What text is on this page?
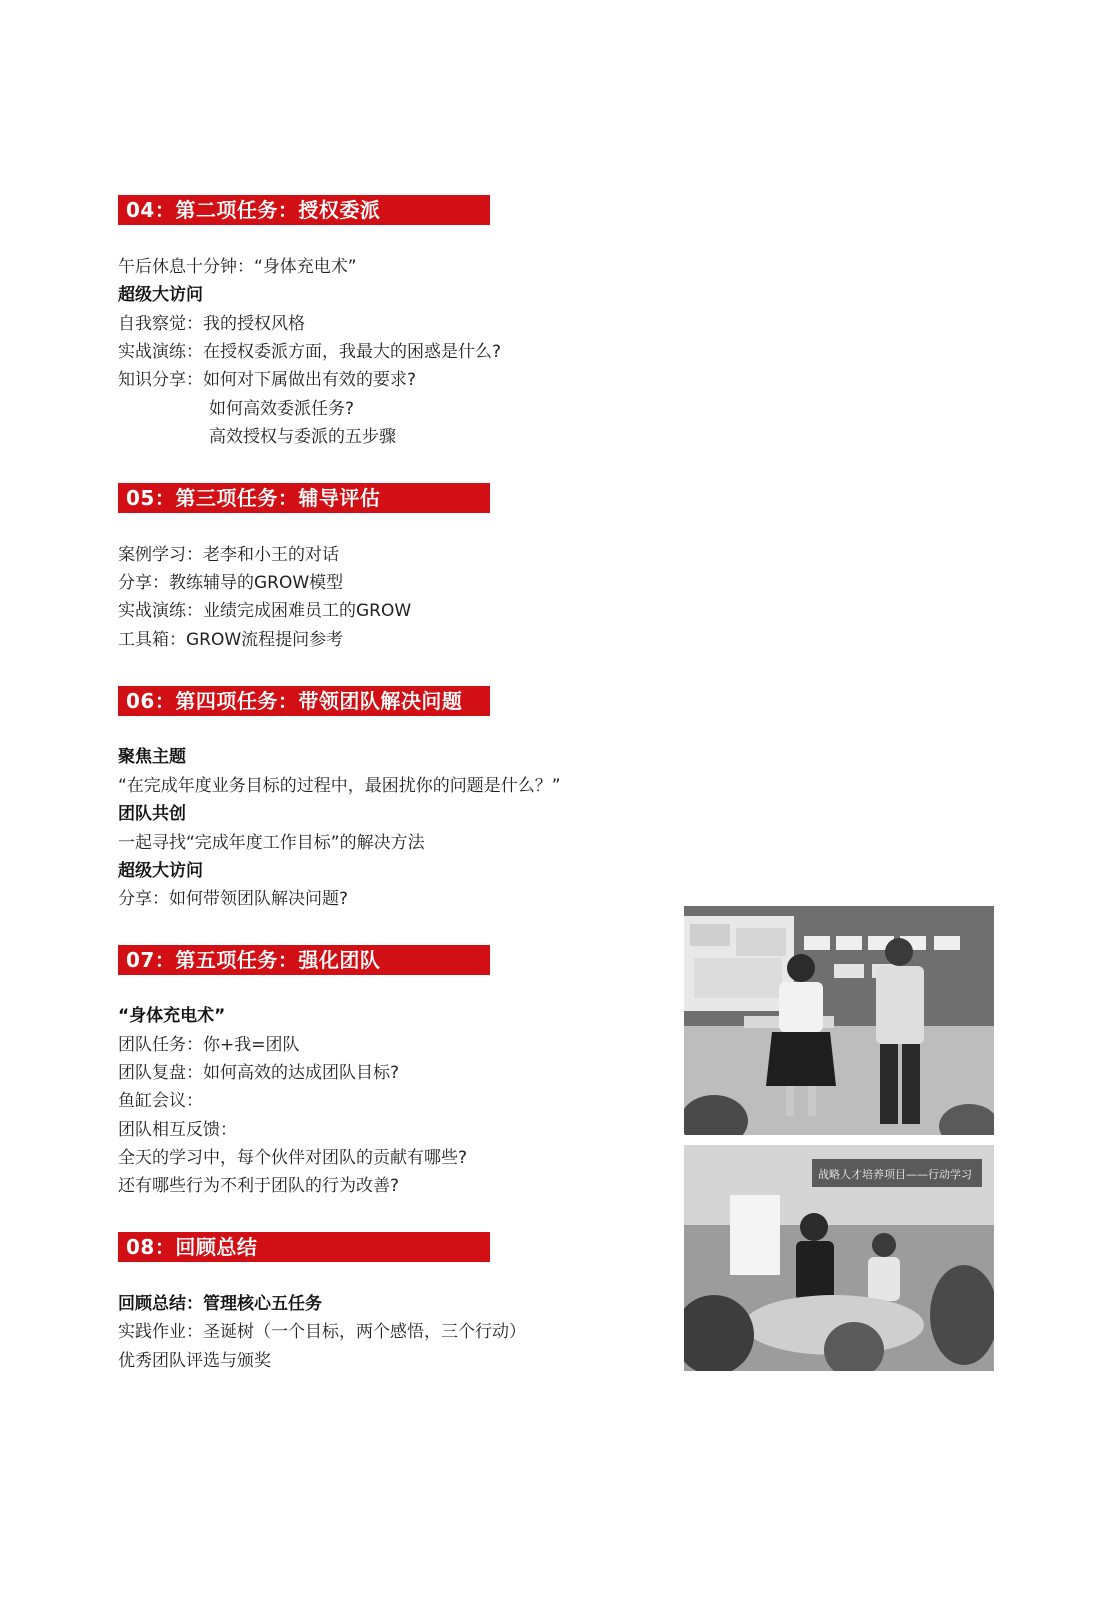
04：第二项任务：授权委派
午后休息十分钟：“身体充电术”
超级大访问
自我察觉：我的授权风格
实战演练：在授权委派方面，我最大的困惑是什么?
知识分享：如何对下属做出有效的要求?
如何高效委派任务?
高效授权与委派的五步骤
05：第三项任务：辅导评估
案例学习：老李和小王的对话
分享：教练辅导的GROW模型
实战演练：业绩完成困难员工的GROW
工具箱：GROW流程提问参考
06：第四项任务：带领团队解决问题
聚焦主题
“在完成年度业务目标的过程中，最困扰你的问题是什么？”
团队共创
一起寻找“完成年度工作目标”的解决方法
超级大访问
分享：如何带领团队解决问题?
07：第五项任务：强化团队
“身体充电术”
团队任务：你+我=团队
团队复盘：如何高效的达成团队目标?
鱼缸会议：
团队相互反馈：
全天的学习中，每个伙伴对团队的贡献有哪些?
还有哪些行为不利于团队的行为改善?
08：回顾总结
回顾总结：管理核心五任务
实践作业：圣诞树（一个目标，两个感悟，三个行动）
优秀团队评选与颁奖
战略人才培养项目——行动学习
